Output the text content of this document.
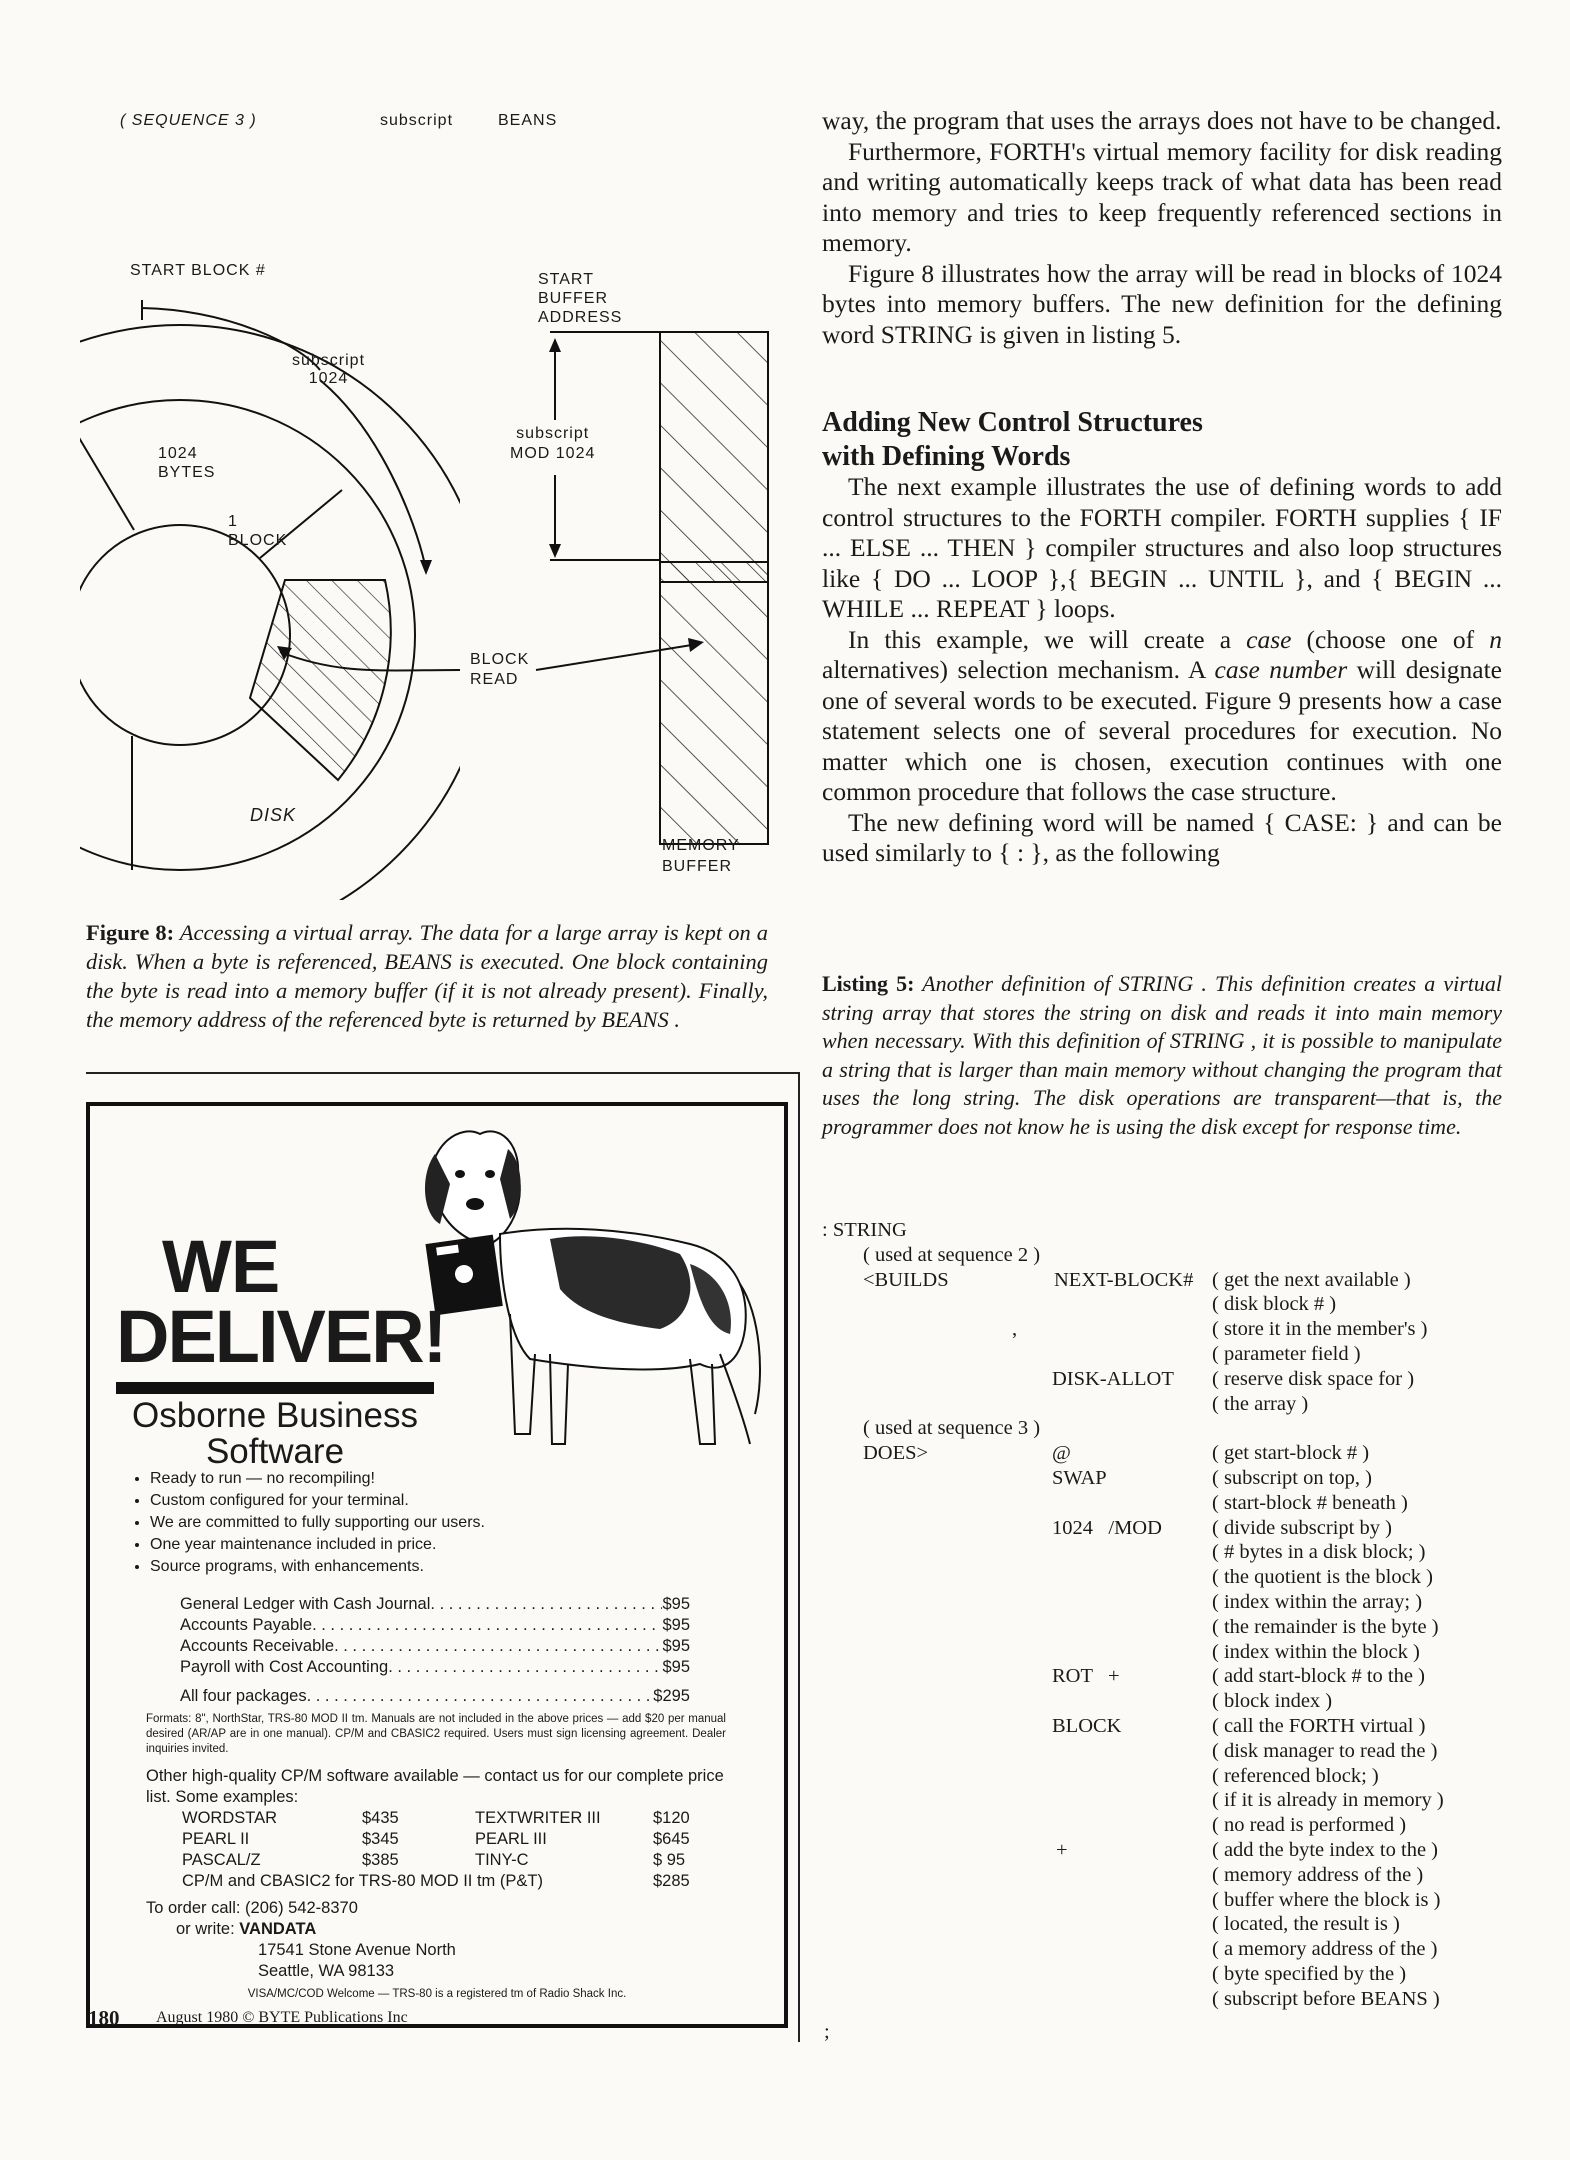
( SEQUENCE 3 )	subscript	BEANS
START BLOCK #
START
BUFFER
ADDRESS
subscript
1024
subscript
MOD 1024
1024
BYTES
1
BLOCK
BLOCK
READ
DISK
MEMORY
BUFFER
Figure 8: Accessing a virtual array. The data for a large array is kept on a disk. When a byte is referenced, BEANS is executed. One block containing the byte is read into a memory buffer (if it is not already present). Finally, the memory address of the referenced byte is returned by BEANS .
WE
DELIVER!
Osborne Business
Software
• Ready to run — no recompiling!
• Custom configured for your terminal.
• We are committed to fully supporting our users.
• One year maintenance included in price.
• Source programs, with enhancements.
General Ledger with Cash Journal . . .	$95
Accounts Payable . . .	$95
Accounts Receivable . . .	$95
Payroll with Cost Accounting . . .	$95
All four packages . . .	$295
Formats: 8", NorthStar, TRS-80 MOD II tm. Manuals are not included in the above prices — add $20 per manual desired (AR/AP are in one manual). CP/M and CBASIC2 required. Users must sign licensing agreement. Dealer inquiries invited.
Other high-quality CP/M software available — contact us for our complete price list. Some examples:
WORDSTAR	$435	TEXTWRITER III	$120
PEARL II	$345	PEARL III	$645
PASCAL/Z	$385	TINY-C	$ 95
CP/M and CBASIC2 for TRS-80 MOD II tm (P&T)	$285
To order call: (206) 542-8370
or write: VANDATA
17541 Stone Avenue North
Seattle, WA 98133
VISA/MC/COD Welcome — TRS-80 is a registered tm of Radio Shack Inc.

way, the program that uses the arrays does not have to be changed.

Furthermore, FORTH's virtual memory facility for disk reading and writing automatically keeps track of what data has been read into memory and tries to keep frequently referenced sections in memory.

Figure 8 illustrates how the array will be read in blocks of 1024 bytes into memory buffers. The new definition for the defining word STRING is given in listing 5.

Adding New Control Structures
with Defining Words

The next example illustrates the use of defining words to add control structures to the FORTH compiler. FORTH supplies { IF ... ELSE ... THEN } compiler structures and also loop structures like { DO ... LOOP },{ BEGIN ... UNTIL }, and { BEGIN ... WHILE ... REPEAT } loops.

In this example, we will create a case (choose one of n alternatives) selection mechanism. A case number will designate one of several words to be executed. Figure 9 presents how a case statement selects one of several procedures for execution. No matter which one is chosen, execution continues with one common procedure that follows the case structure.

The new defining word will be named { CASE: } and can be used similarly to { : }, as the following

Listing 5: Another definition of STRING . This definition creates a virtual string array that stores the string on disk and reads it into main memory when necessary. With this definition of STRING , it is possible to manipulate a string that is larger than main memory without changing the program that uses the long string. The disk operations are transparent—that is, the programmer does not know he is using the disk except for response time.
: STRING
( used at sequence 2 )
<BUILDS	NEXT-BLOCK# ( get the next available )
( disk block # )
,	( store it in the member's )
( parameter field )
DISK-ALLOT ( reserve disk space for )
( the array )
( used at sequence 3 )
DOES>	@	( get start-block # )
SWAP	( subscript on top, )
( start-block # beneath )
1024   /MOD ( divide subscript by )
( # bytes in a disk block; )
( the quotient is the block )
( index within the array; )
( the remainder is the byte )
( index within the block )
ROT   +	( add start-block # to the )
( block index )
BLOCK	( call the FORTH virtual )
( disk manager to read the )
( referenced block; )
( if it is already in memory )
( no read is performed )
+	( add the byte index to the )
( memory address of the )
( buffer where the block is )
( located, the result is )
( a memory address of the )
( byte specified by the )
( subscript before BEANS )
;
180 August 1980 © BYTE Publications Inc
